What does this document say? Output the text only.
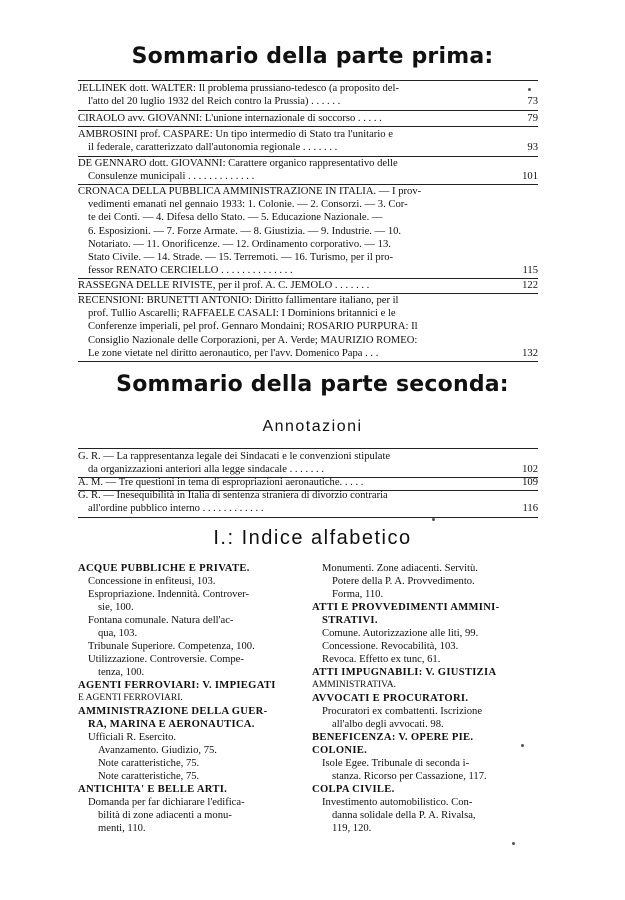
Sommario della parte prima:
JELLINEK dott. WALTER: Il problema prussiano-tedesco (a proposito del-
l'atto del 20 luglio 1932 del Reich contro la Prussia) . . . . . .	73
CIRAOLO avv. GIOVANNI: L'unione internazionale di soccorso . . . . .	79
AMBROSINI prof. CASPARE: Un tipo intermedio di Stato tra l'unitario e
il federale, caratterizzato dall'autonomia regionale . . . . . . .	93
DE GENNARO dott. GIOVANNI: Carattere organico rappresentativo delle
Consulenze municipali . . . . . . . . . . . . .	101
CRONACA DELLA PUBBLICA AMMINISTRAZIONE IN ITALIA. — I prov-
vedimenti emanati nel gennaio 1933: 1. Colonie. — 2. Consorzi. — 3. Cor-
te dei Conti. — 4. Difesa dello Stato. — 5. Educazione Nazionale. —
6. Esposizioni. — 7. Forze Armate. — 8. Giustizia. — 9. Industrie. — 10.
Notariato. — 11. Onorificenze. — 12. Ordinamento corporativo. — 13.
Stato Civile. — 14. Strade. — 15. Terremoti. — 16. Turismo, per il pro-
fessor RENATO CERCIELLO . . . . . . . . . . . . . .	115
RASSEGNA DELLE RIVISTE, per il prof. A. C. JEMOLO . . . . . . .	122
RECENSIONI: BRUNETTI ANTONIO: Diritto fallimentare italiano, per il
prof. Tullio Ascarelli; RAFFAELE CASALI: I Dominions britannici e le
Conferenze imperiali, pel prof. Gennaro Mondaini; ROSARIO PURPURA: Il
Consiglio Nazionale delle Corporazioni, per A. Verde; MAURIZIO ROMEO:
Le zone vietate nel diritto aeronautico, per l'avv. Domenico Papa . . .	132
Sommario della parte seconda:
Annotazioni
G. R. — La rappresentanza legale dei Sindacati e le convenzioni stipulate
da organizzazioni anteriori alla legge sindacale . . . . . . .	102
A. M. — Tre questioni in tema di espropriazioni aeronautiche. . . . .	109
G. R. — Inesequibilità in Italia di sentenza straniera di divorzio contraria
all'ordine pubblico interno . . . . . . . . . . . .	116
I.: Indice alfabetico
ACQUE PUBBLICHE E PRIVATE.
Concessione in enfiteusi, 103.
Espropriazione. Indennità. Controver-
sie, 100.
Fontana comunale. Natura dell'ac-
qua, 103.
Tribunale Superiore. Competenza, 100.
Utilizzazione. Controversie. Compe-
tenza, 100.
AGENTI FERROVIARI: V. IMPIEGATI
E AGENTI FERROVIARI.
AMMINISTRAZIONE DELLA GUER-
RA, MARINA E AERONAUTICA.
Ufficiali R. Esercito.
Avanzamento. Giudizio, 75.
Note caratteristiche, 75.
Note caratteristiche, 75.
ANTICHITA' E BELLE ARTI.
Domanda per far dichiarare l'edifica-
bilità di zone adiacenti a monu-
menti, 110.
Monumenti. Zone adiacenti. Servitù.
Potere della P. A. Provvedimento.
Forma, 110.
ATTI E PROVVEDIMENTI AMMINI-
STRATIVI.
Comune. Autorizzazione alle liti, 99.
Concessione. Revocabilità, 103.
Revoca. Effetto ex tunc, 61.
ATTI IMPUGNABILI: V. GIUSTIZIA
AMMINISTRATIVA.
AVVOCATI E PROCURATORI.
Procuratori ex combattenti. Iscrizione
all'albo degli avvocati. 98.
BENEFICENZA: V. OPERE PIE.
COLONIE.
Isole Egee. Tribunale di seconda i-
stanza. Ricorso per Cassazione, 117.
COLPA CIVILE.
Investimento automobilistico. Con-
danna solidale della P. A. Rivalsa,
119, 120.
